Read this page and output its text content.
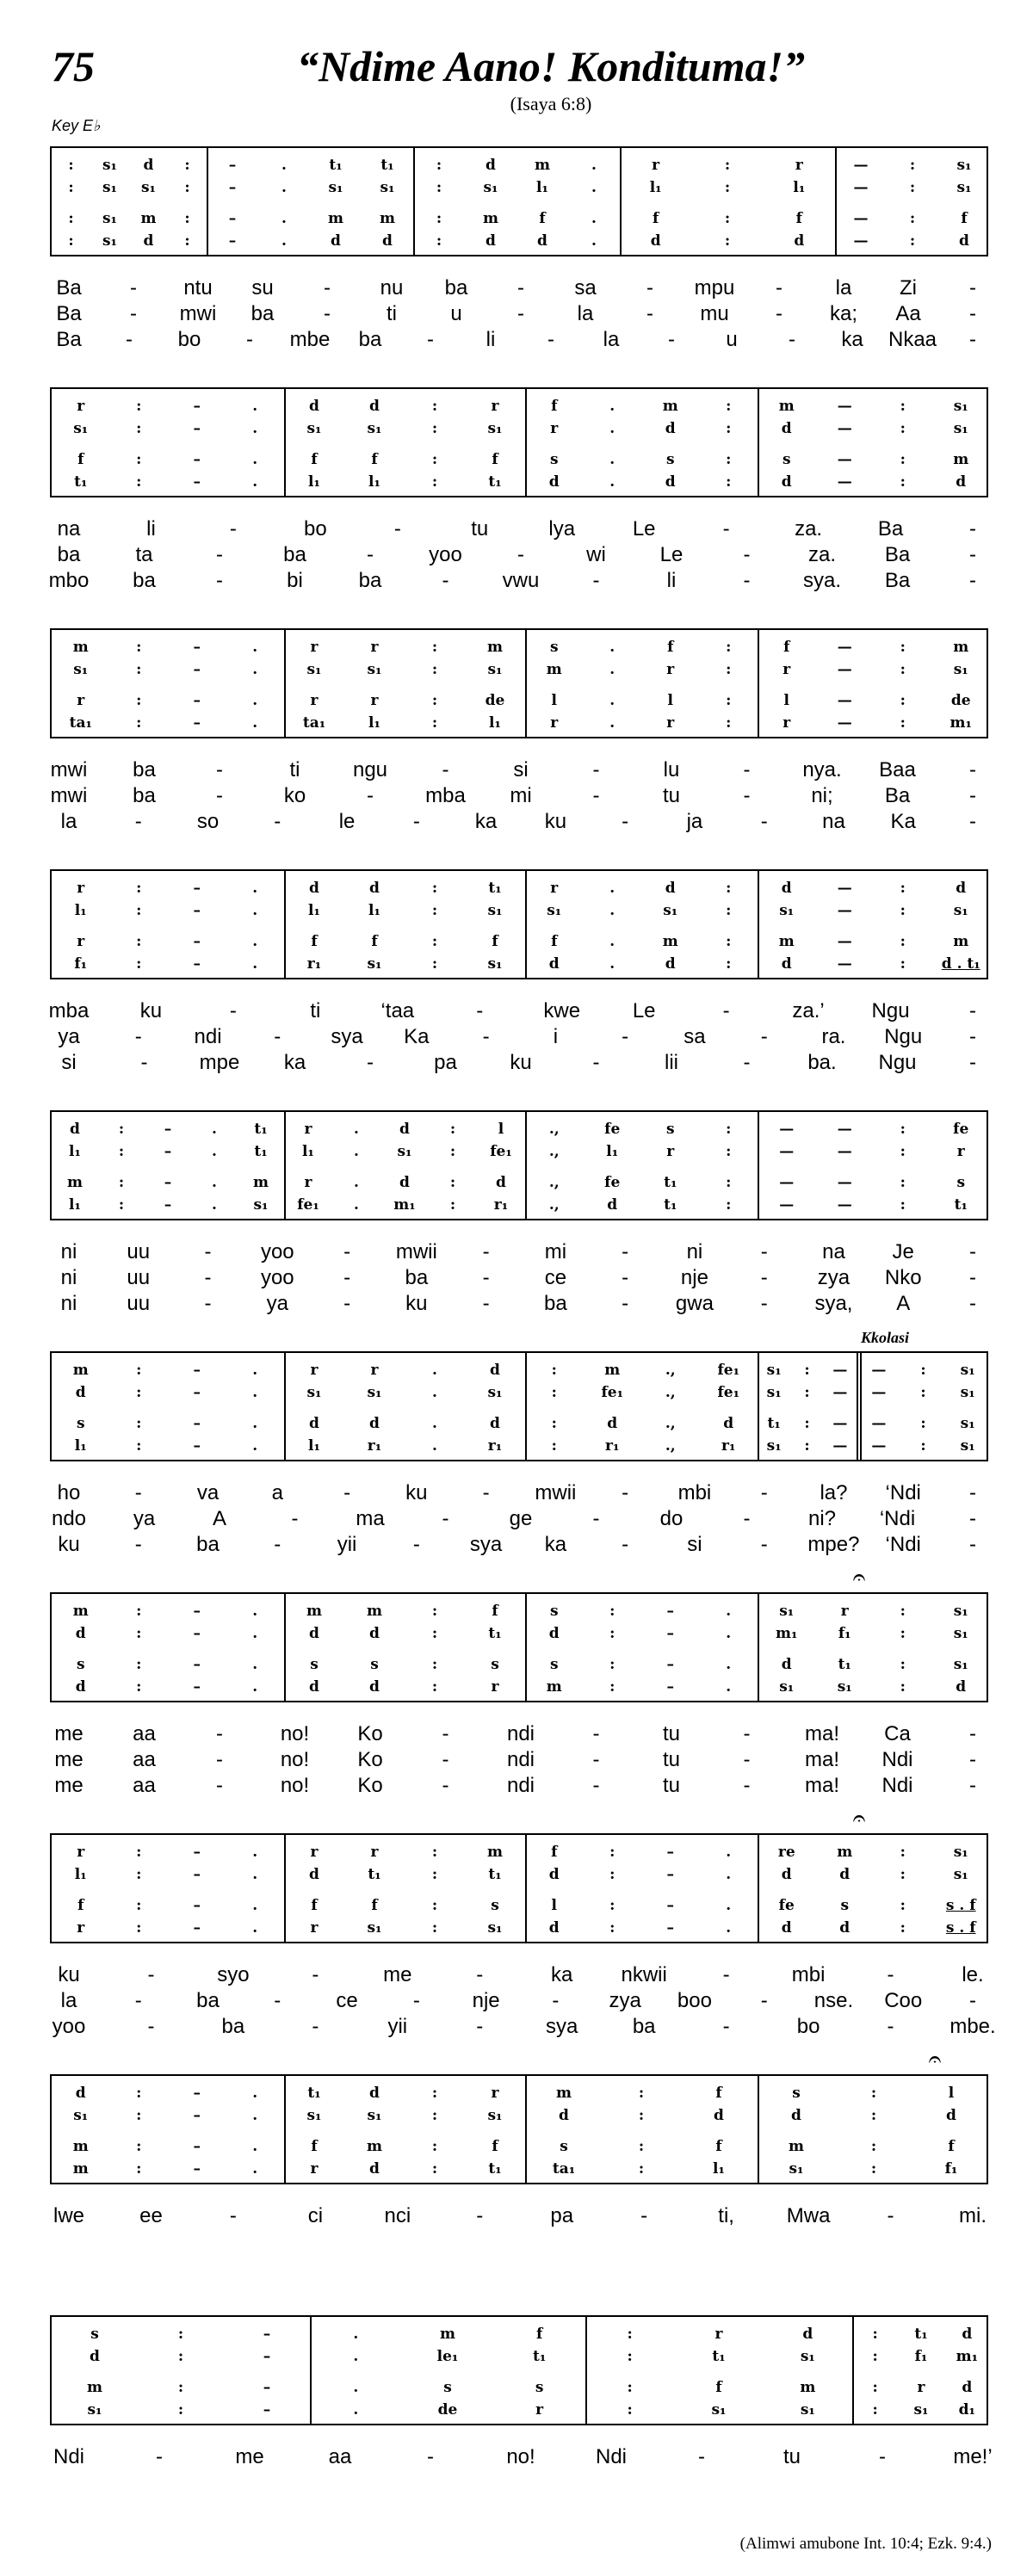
75	“Ndime Aano! Kondituma!”
(Isaya 6:8)
Key E♭
: s₁ d :	–	.	t₁	t₁	:	d	m	.	r	:	r	—	:	s₁
: s₁ s₁ :	–	.	s₁	s₁	:	s₁	l₁	.	l₁	:	l₁	—	:	s₁
: s₁ m :	–	.	m m	:	m	f	.	f	:	f	—	:	f
: s₁ d :	–	.	d	d	:	d	d	.	d	:	d	—	:	d
Ba - ntu su - nu ba - sa - mpu -	la Zi	-
Ba - mwi ba -	ti	u	-	la	- mu - ka; Aa -
Ba - bo - mbe ba -	li	- la - u - ka Nkaa -
r	:	–	.	d	d	:	r	f	.	m	:	m	—	:	s₁
s₁	:	–	.	s₁	s₁	:	s₁	r	.	d	:	d	—	:	s₁
f	:	–	.	f	f	:	f	s	.	s	:	s	—	:	m
t₁	:	–	.	l₁	l₁	:	t₁	d	.	d	:	d	—	:	d
na	li	-	bo	-	tu	lya	Le	-	za.	Ba	-
ba	ta	-	ba	-	yoo	-	wi	Le	-	za. Ba	-
mbo ba	-	bi	ba	-	vwu	-	li	-	sya. Ba	-
m	:	–	.	r	r	:	m	s	.	f	:	f	—	:	m
s₁	:	–	.	s₁	s₁	:	s₁	m	.	r	:	r	—	:	s₁
r	:	–	.	r	r	:	de	l	.	l	:	l	—	:	de
ta₁	:	–	.	ta₁	l₁	:	l₁	r	.	r	:	r	—	:	m₁
mwi ba	-	ti	ngu	-	si	-	lu	-	nya. Baa	-
mwi ba	-	ko	-	mba mi	-	tu	-	ni;	Ba	-
la	-	so	-	le	-	ka ku	-	ja	-	na Ka	-
r	:	–	.	d	d	:	t₁	r	.	d	:	d	—	:	d
l₁	:	–	.	l₁	l₁	:	s₁	s₁	.	s₁	:	s₁	—	:	s₁
r	:	–	.	f	f	:	f	f	.	m	:	m	—	:	m
f₁	:	–	.	r₁	s₁	:	s₁	d	.	d	:	d	—	: d . t₁
mba ku	-	ti	‘taa	-	kwe	Le	-	za.’ Ngu	-
ya	-	ndi	- sya Ka	-	i	-	sa	-	ra. Ngu -
si	-	mpe ka	-	pa	ku	-	lii	-	ba. Ngu	-
d	:	–	.	t₁	r	.	d	:	l	.,	fe	s	:	—	—	:	fe
l₁	:	–	.	t₁ l₁	.	s₁	: fe₁	.,	l₁	r	:	—	—	:	r
m :	–	. m r	.	d	:	d	.,	fe	t₁	:	—	—	:	s
l₁	:	–	.	s₁ fe₁ . m₁ :	r₁	.,	d	t₁	:	—	—	:	t₁
ni uu	- yoo - mwii -	mi	-	ni	-	na Je	-
ni uu	- yoo -	ba	-	ce	-	nje	- zya Nko -
ni uu	-	ya	-	ku	-	ba	- gwa - sya, A	-
Kkolasi
m	:	–	.	r	r	.	d	:	m	.,	fe₁ s₁ : — — : s₁
d	:	–	.	s₁	s₁	.	s₁	:	fe₁	.,	fe₁ s₁ : — — : s₁
s	:	–	.	d	d	.	d	:	d	.,	d t₁ : — — : s₁
l₁	:	–	.	l₁	r₁	.	r₁	:	r₁	.,	r₁ s₁ : — — : s₁
ho	-	va	a	-	ku	- mwii - mbi -	la? ‘Ndi -
ndo ya	A	-	ma	-	ge	-	do	-	ni? ‘Ndi	-
ku	-	ba	-	yii	- sya ka	-	si	- mpe? ‘Ndi -
𝄐
m	:	–	.	m	m	:	f	s	:	–	.	s₁	r	:	s₁
d	:	–	.	d	d	:	t₁	d	:	–	.	m₁	f₁	:	s₁
s	:	–	.	s	s	:	s	s	:	–	.	d	t₁	:	s₁
d	:	–	.	d	d	:	r	m	:	–	.	s₁	s₁	:	d
me aa	-	no! Ko	-	ndi	-	tu	-	ma! Ca	-
me aa	-	no! Ko	-	ndi	-	tu	-	ma! Ndi	-
me aa	-	no! Ko	-	ndi	-	tu	-	ma! Ndi	-
𝄐
r	:	–	.	r	r	:	m	f	:	–	.	re	m	:	s₁
l₁	:	–	.	d	t₁	:	t₁	d	:	–	.	d	d	:	s₁
f	:	–	.	f	f	:	s	l	:	–	.	fe	s	:	s . f
r	:	–	.	r	s₁	:	s₁	d	:	–	.	d	d	:	s . f
ku	-	syo	-	me	-	ka nkwii	-	mbi	-	le.
la	-	ba	-	ce	-	nje	- zya boo - nse. Coo -
yoo	-	ba	-	yii	-	sya	ba	-	bo	-	mbe.
𝄐
d	:	–	.	t₁	d	:	r	m	:	f	s	:	l
s₁	:	–	.	s₁	s₁	:	s₁	d	:	d	d	:	d
m	:	–	.	f	m	:	f	s	:	f	m	:	f
m	:	–	.	r	d	:	t₁	ta₁	:	l₁	s₁	:	f₁
lwe	ee	-	ci	nci	-	pa	-	ti,	Mwa	-	mi.
s	:	–	.	m	f	:	r	d	:	t₁ d
d	:	–	.	le₁	t₁	:	t₁	s₁	:	f₁ m₁
m	:	–	.	s	s	:	f	m	:	r	d
s₁	:	–	.	de	r	:	s₁	s₁	: s₁ d₁
Ndi	-	me	aa	-	no!	Ndi	-	tu	-	me!’
(Alimwi amubone Int. 10:4; Ezk. 9:4.)
